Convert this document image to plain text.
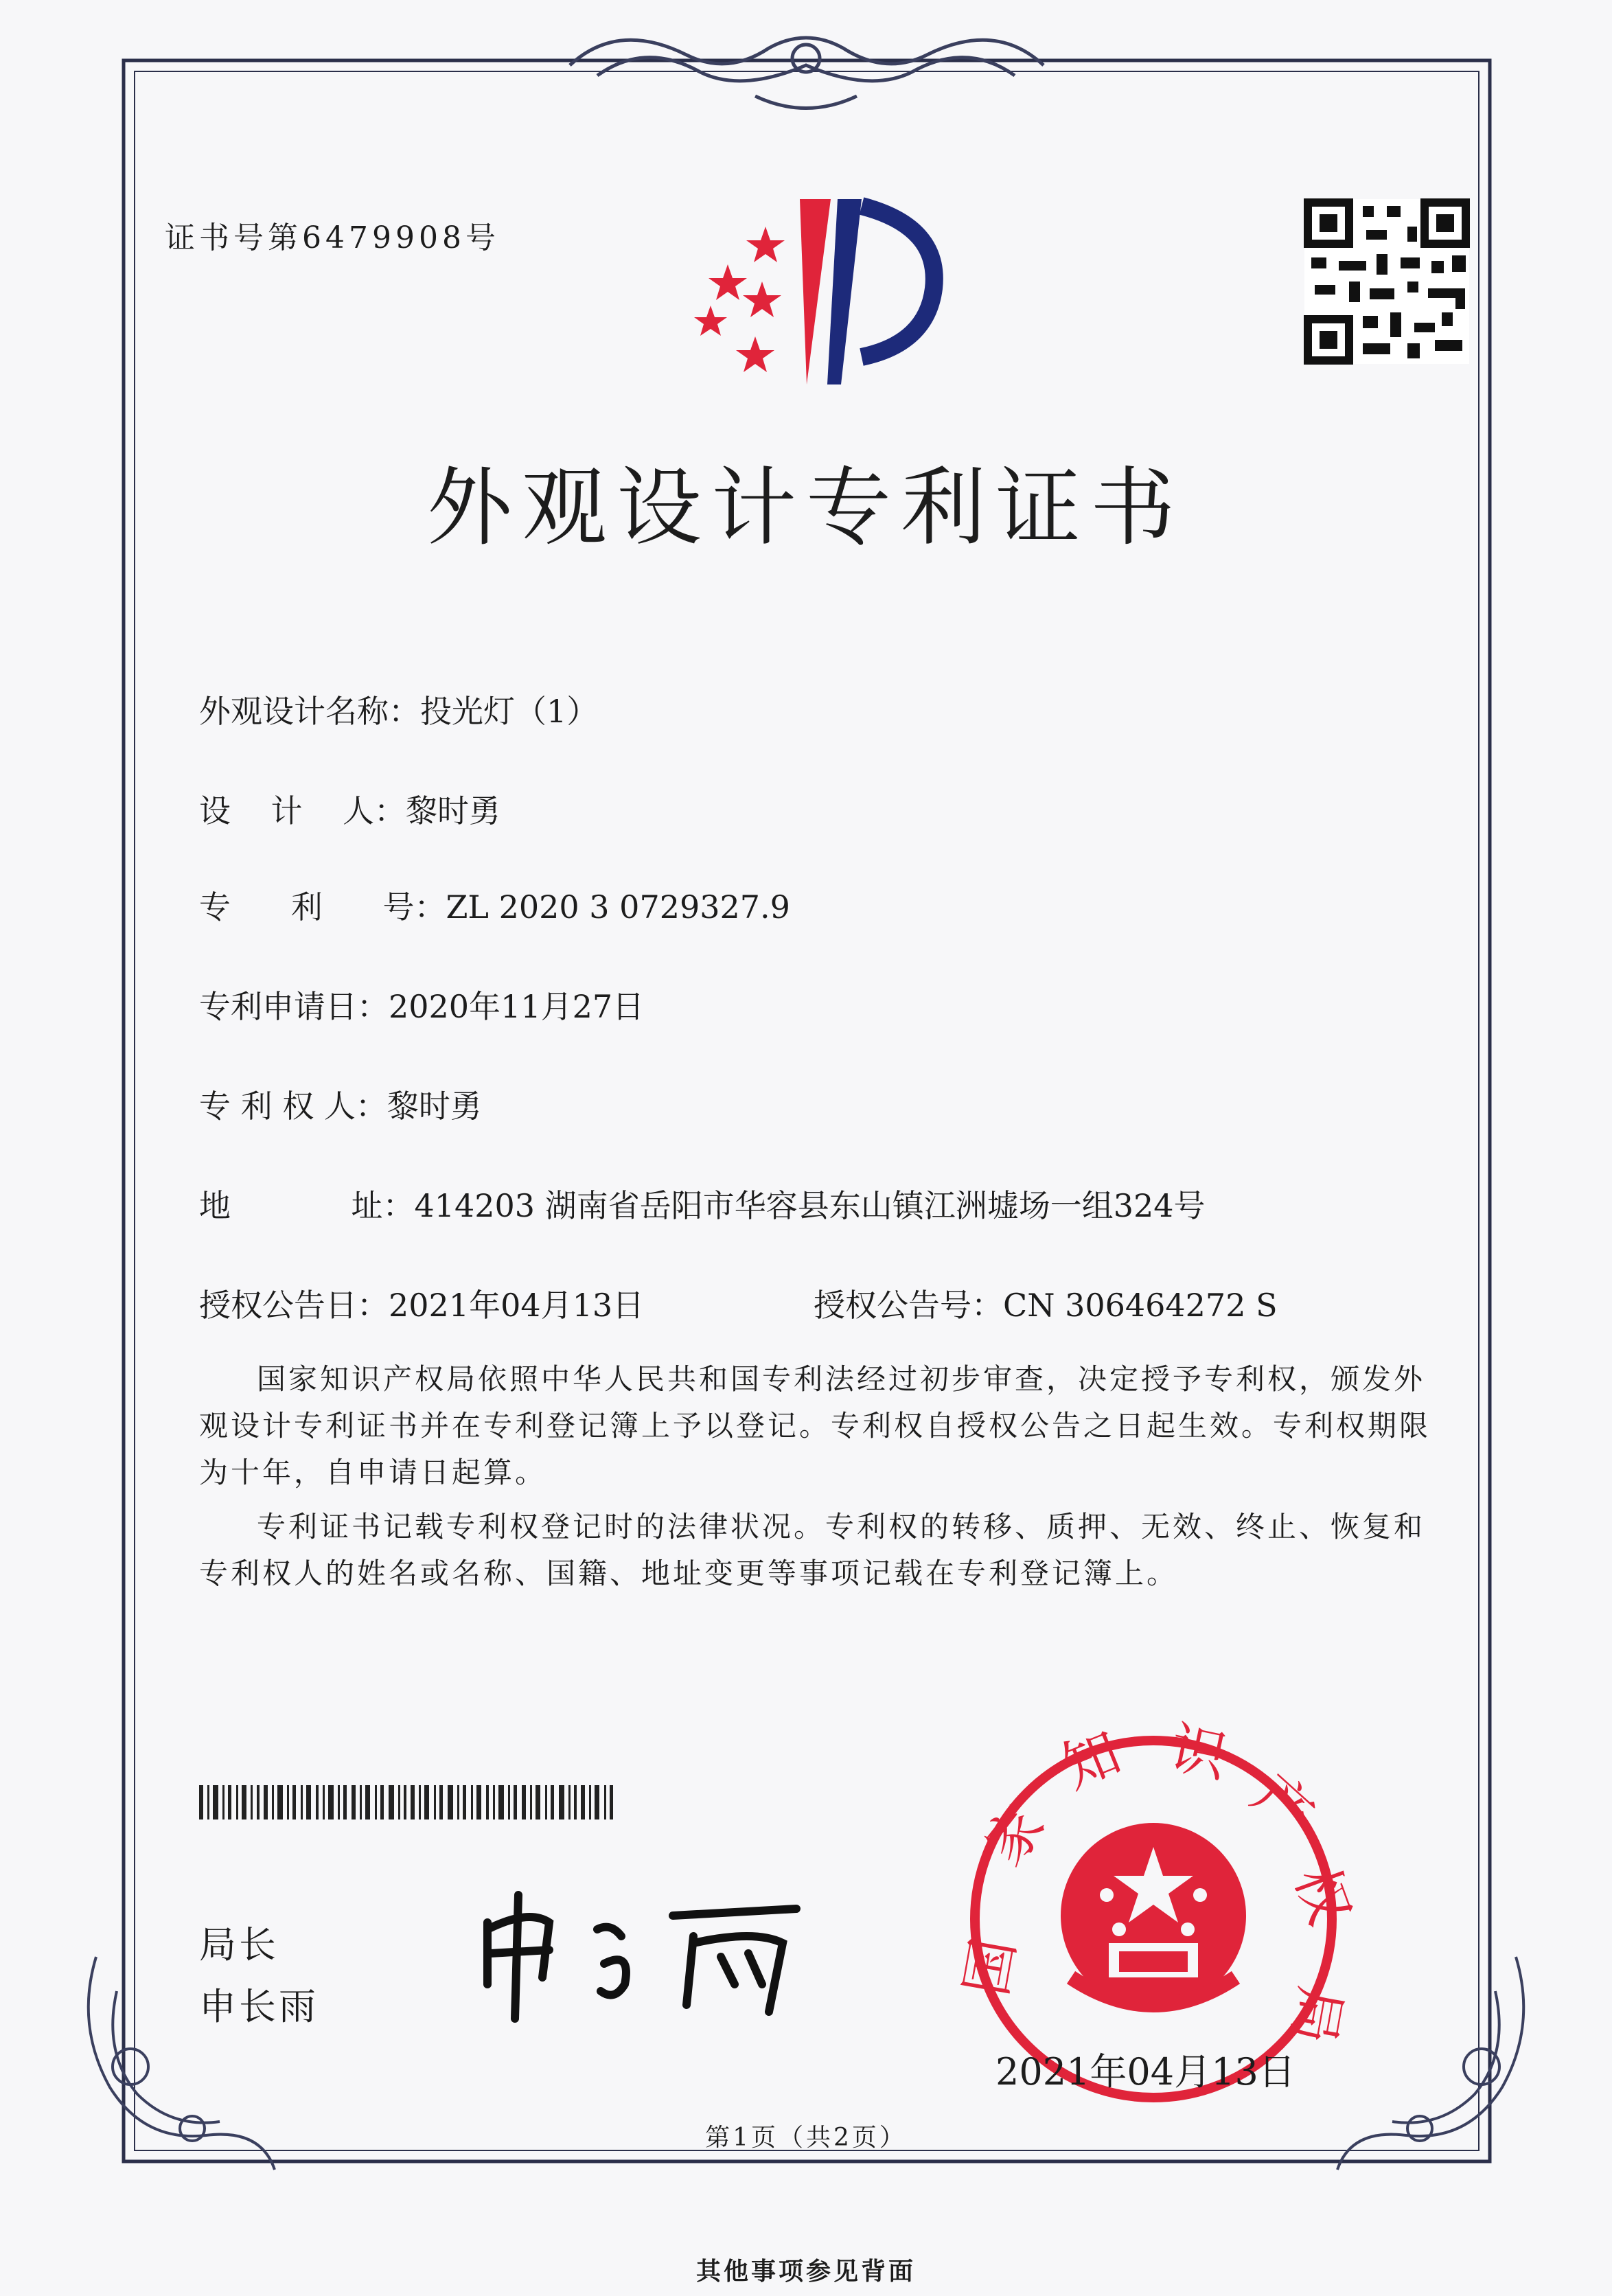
国
家
知 识
产
权
局
证书号第6479908号
外观设计专利证书
外观设计名称：投光灯（1）
设    计    人：黎时勇
专      利      号：ZL 2020 3 0729327.9
专利申请日：2020年11月27日
专 利 权 人：黎时勇
地            址：414203 湖南省岳阳市华容县东山镇江洲墟场一组324号
授权公告日：2021年04月13日	授权公告号：CN 306464272 S
国家知识产权局依照中华人民共和国专利法经过初步审查，决定授予专利权，颁发外观设计专利证书并在专利登记簿上予以登记。专利权自授权公告之日起生效。专利权期限为十年，自申请日起算。
专利证书记载专利权登记时的法律状况。专利权的转移、质押、无效、终止、恢复和专利权人的姓名或名称、国籍、地址变更等事项记载在专利登记簿上。
局长
申长雨
2021年04月13日
第1页（共2页）
其他事项参见背面
